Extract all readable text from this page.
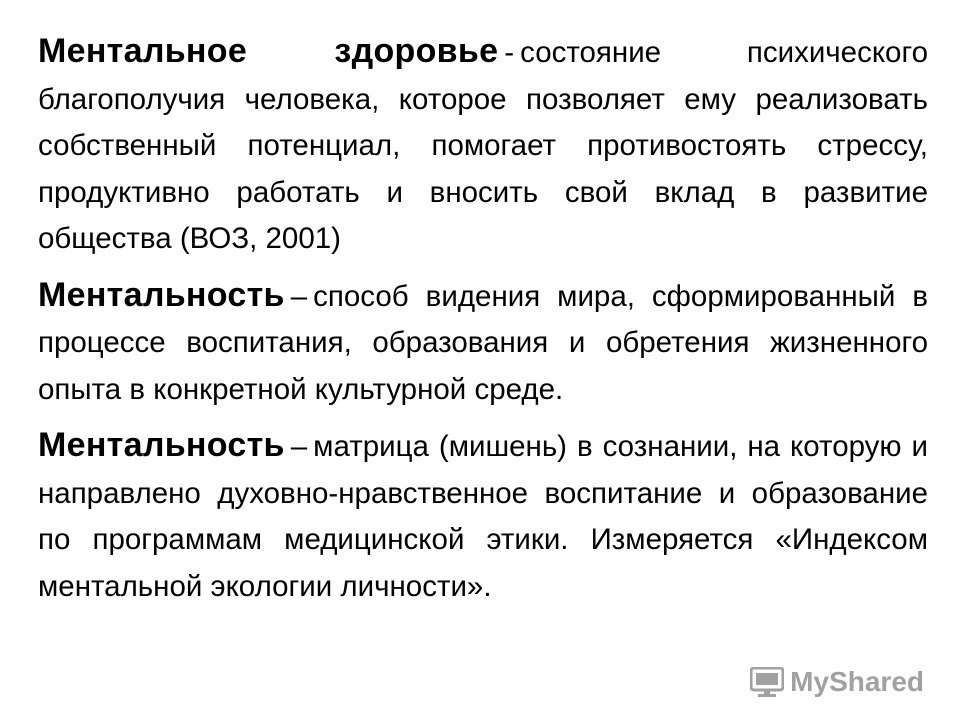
Ментальное здоровье - состояние психического благополучия человека, которое позволяет ему реализовать собственный потенциал, помогает противостоять стрессу, продуктивно работать и вносить свой вклад в развитие общества (ВОЗ, 2001)

Ментальность – способ видения мира, сформированный в процессе воспитания, образования и обретения жизненного опыта в конкретной культурной среде.

Ментальность – матрица (мишень) в сознании, на которую и направлено духовно-нравственное воспитание и образование по программам медицинской этики. Измеряется «Индексом ментальной экологии личности».

MyShared
